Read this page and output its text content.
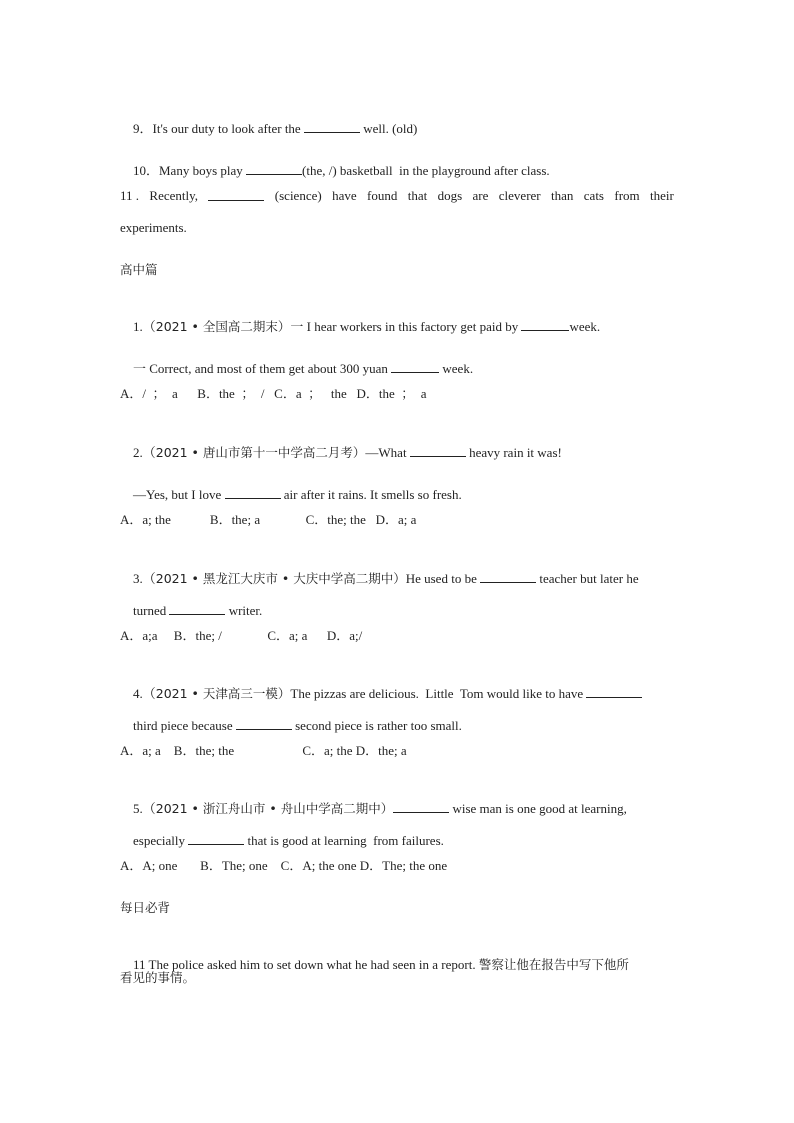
9．It's our duty to look after the	well. (old)

10．Many boys play	(the, /) basketball  in the playground after class.

11 . Recently,	(science) have found that dogs are cleverer than cats from their
experiments.
高中篇

1.（2021 • 全国高二期末）一 I hear workers in this factory get paid by	week.

一 Correct, and most of them get about 300 yuan	week.

A．/  ；  a      B．the  ；  /   C．a  ；   the   D．the  ；  a

2.（2021 • 唐山市第十一中学高二月考）—What	heavy rain it was!

—Yes, but I love	air after it rains. It smells so fresh.

A．a; the            B．the; a              C．the; the   D．a; a

3.（2021 • 黑龙江大庆市 • 大庆中学高二期中）He used to be	teacher but later he

turned	writer.

A．a;a     B．the; /              C．a; a      D．a;/

4.（2021 • 天津高三一模）The pizzas are delicious.  Little  Tom would like to have

third piece because	second piece is rather too small.

A．a; a    B．the; the                     C．a; the D．the; a

5.（2021 • 浙江舟山市 • 舟山中学高二期中）	wise man is one good at learning,

especially	that is good at learning  from failures.

A．A; one       B．The; one    C．A; the one D．The; the one
每日必背

11 The police asked him to set down what he had seen in a report. 警察让他在报告中写下他所

看见的事情。
